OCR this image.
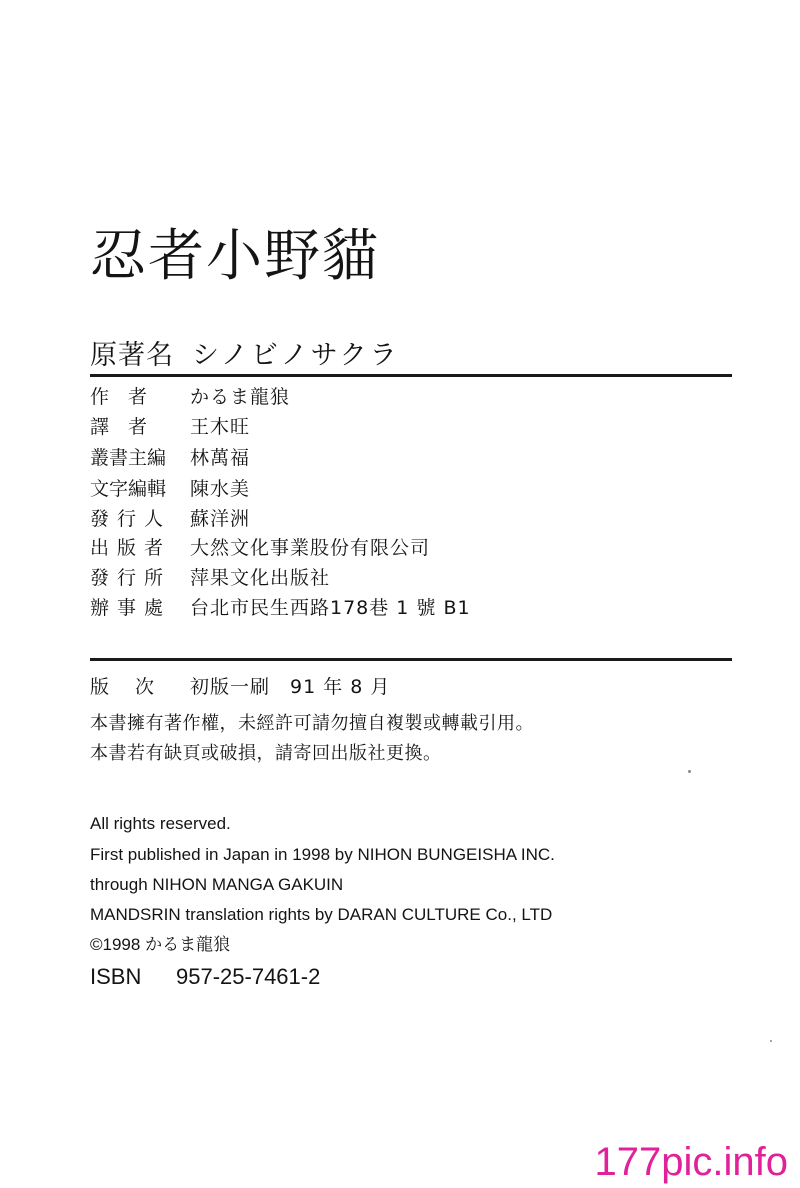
忍者小野貓
原著名 シノビノサクラ
作　者	かるま龍狼
譯　者	王木旺
叢書主編	林萬福
文字編輯	陳水美
發行人 蘇洋洲
出版者 大然文化事業股份有限公司
發行所 萍果文化出版社
辦事處 台北市民生西路178巷 1 號 B1
版次 初版一刷　91 年 8 月
本書擁有著作權，未經許可請勿擅自複製或轉載引用。
本書若有缺頁或破損，請寄回出版社更換。
All rights reserved.
First published in Japan in 1998 by NIHON BUNGEISHA INC.
through NIHON MANGA GAKUIN
MANDSRIN translation rights by DARAN CULTURE Co., LTD
©1998 かるま龍狼
ISBN 957-25-7461-2
177pic.info
